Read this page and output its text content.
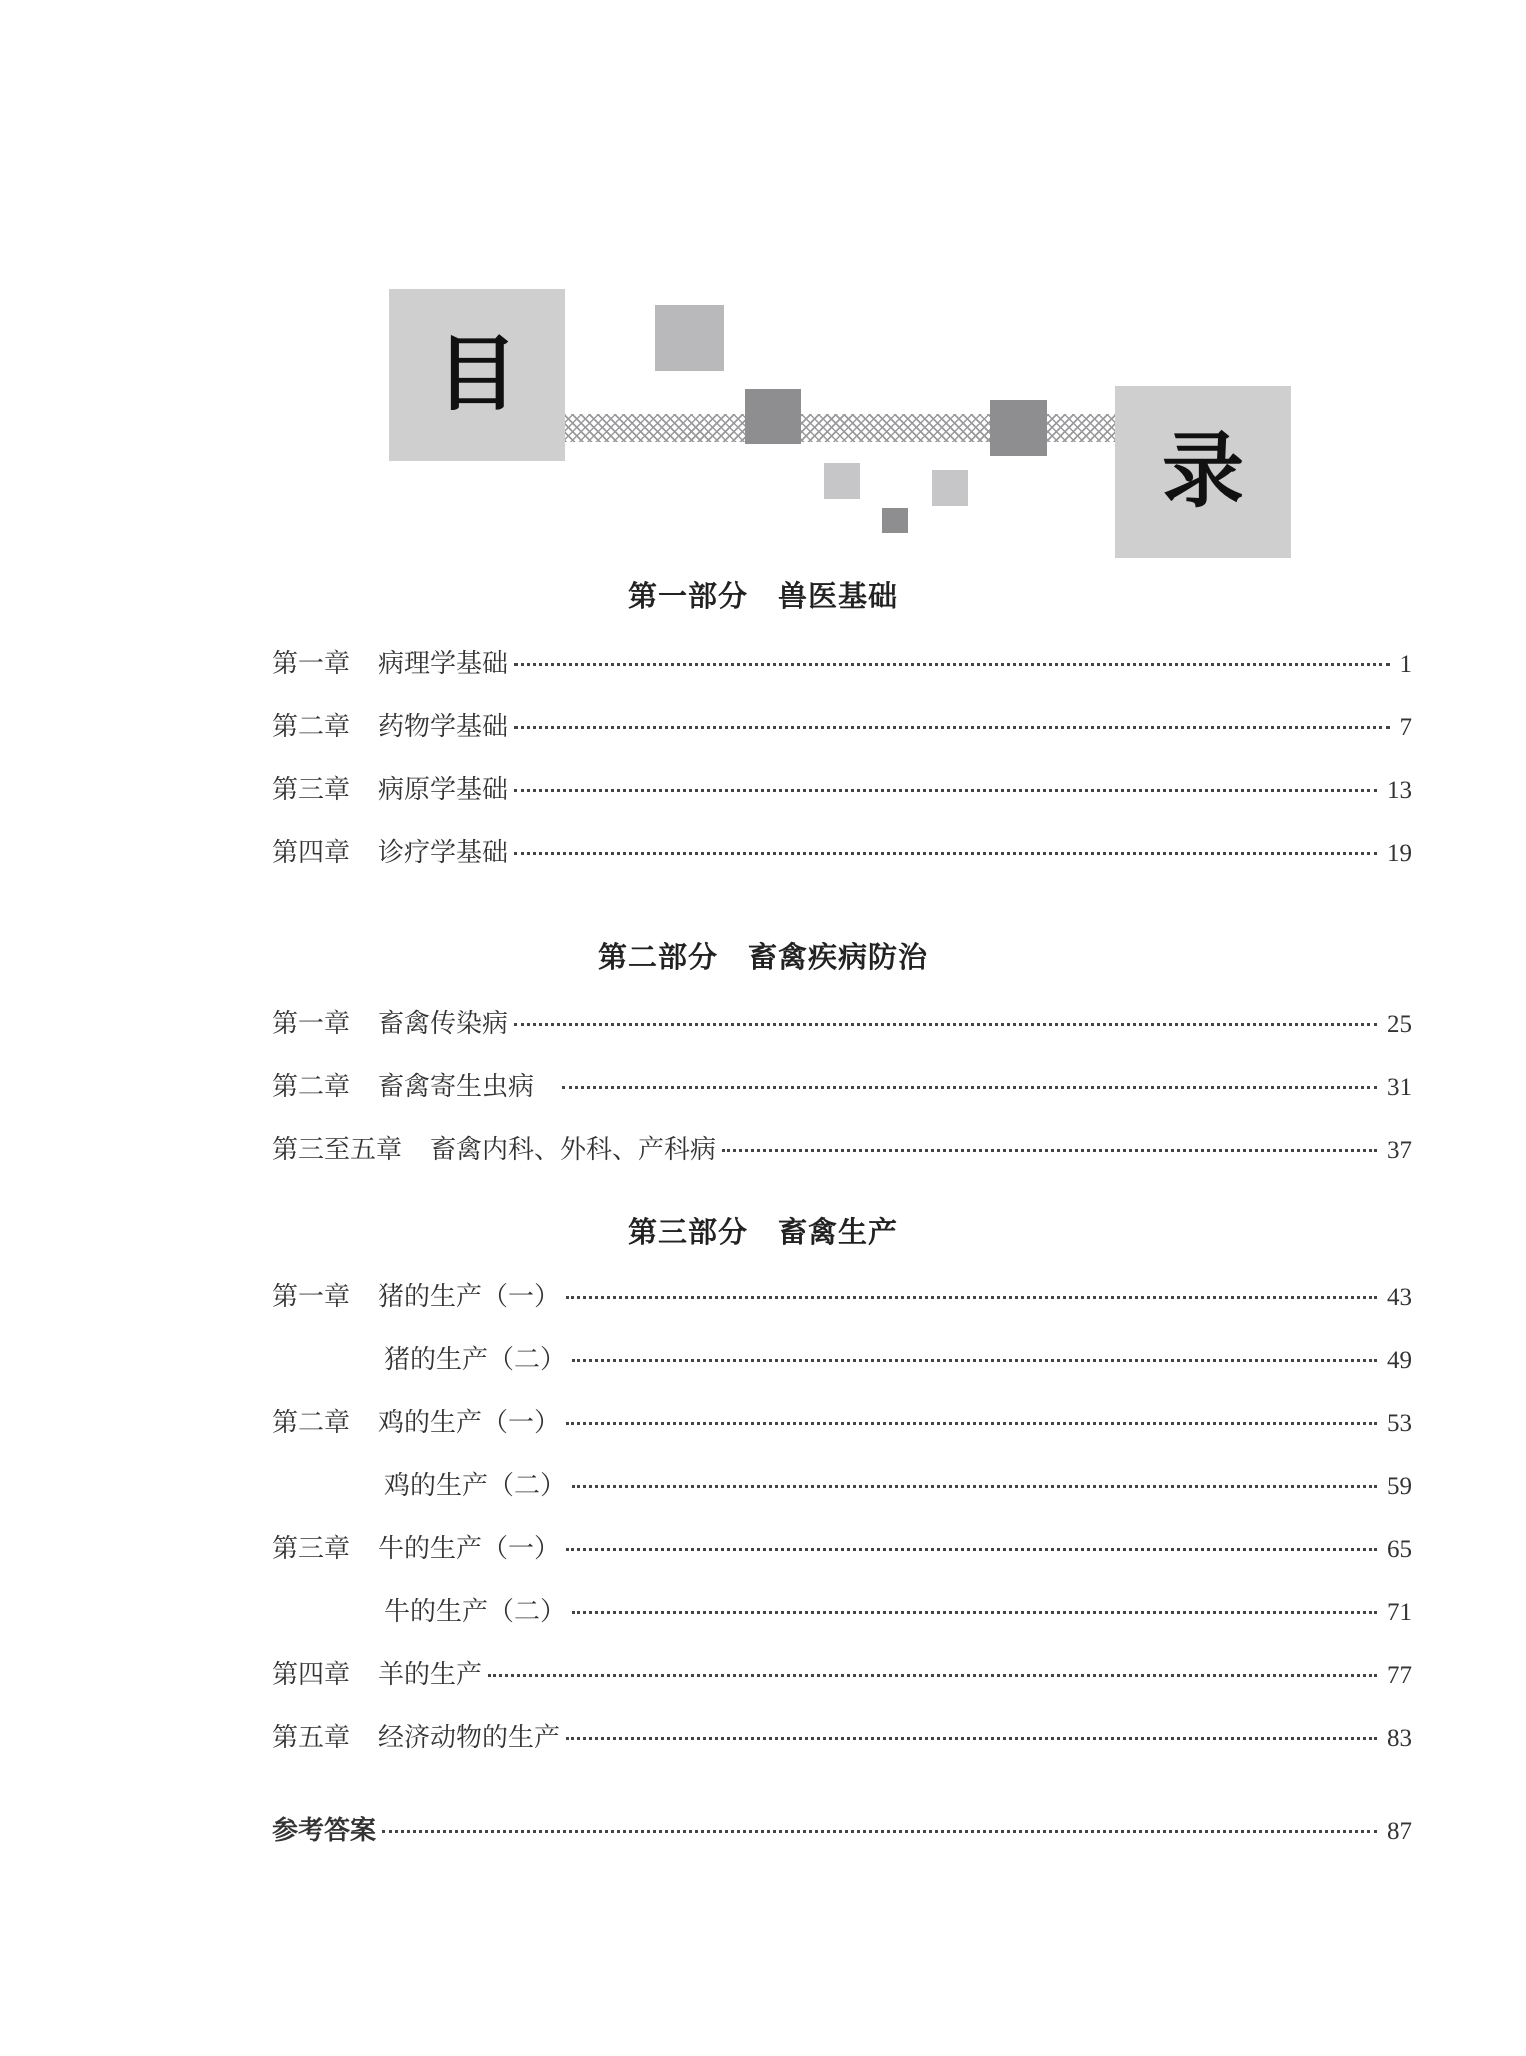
目
录
第一部分　兽医基础
第一章 病理学基础	1
第二章 药物学基础	7
第三章 病原学基础	13
第四章 诊疗学基础	19
第二部分　畜禽疾病防治
第一章 畜禽传染病	25
第二章 畜禽寄生虫病	31
第三至五章 畜禽内科、外科、产科病	37
第三部分　畜禽生产
第一章 猪的生产（一）	43
猪的生产（二）	49
第二章 鸡的生产（一）	53
鸡的生产（二）	59
第三章 牛的生产（一）	65
牛的生产（二）	71
第四章 羊的生产	77
第五章 经济动物的生产	83
参考答案	87
